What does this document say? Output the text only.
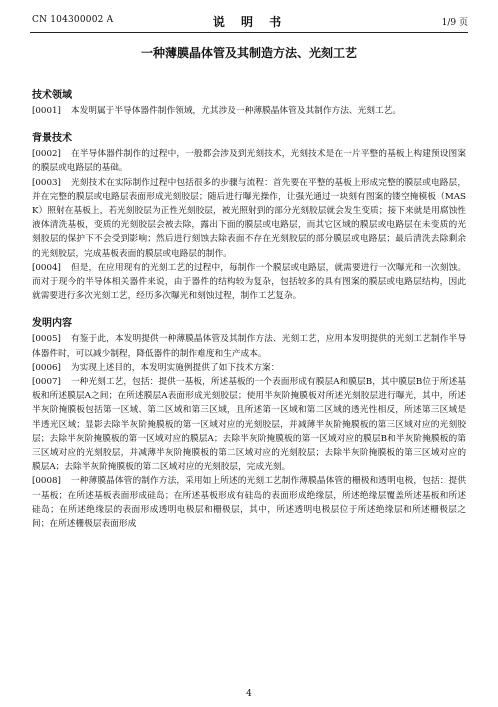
CN 104300002 A	说 明 书	1/9 页
一种薄膜晶体管及其制造方法、光刻工艺
技术领域

[0001] 本发明属于半导体器件制作领域，尤其涉及一种薄膜晶体管及其制作方法、光刻工艺。

背景技术

[0002] 在半导体器件制作的过程中，一般都会涉及到光刻技术，光刻技术是在一片平整的基板上构建预设图案的膜层或电路层的基础。

[0003] 光刻技术在实际制作过程中包括很多的步骤与流程：首先要在平整的基板上形成完整的膜层或电路层，并在完整的膜层或电路层表面形成光刻胶层；随后进行曝光操作，让强光通过一块刻有图案的镂空掩模板（MASK）照射在基板上，若光刻胶层为正性光刻胶层，被光照射到的部分光刻胶层就会发生变质；接下来就是用腐蚀性液体清洗基板，变质的光刻胶层会被去除，露出下面的膜层或电路层，而其它区域的膜层或电路层在未变质的光刻胶层的保护下不会受到影响；然后进行刻蚀去除表面不存在光刻胶层的部分膜层或电路层；最后清洗去除剩余的光刻胶层，完成基板表面的膜层或电路层的制作。

[0004] 但是，在应用现有的光刻工艺的过程中，每制作一个膜层或电路层，就需要进行一次曝光和一次刻蚀。而对于现今的半导体相关器件来说，由于器件的结构较为复杂，包括较多的具有图案的膜层或电路层结构，因此就需要进行多次光刻工艺，经历多次曝光和刻蚀过程，制作工艺复杂。

发明内容

[0005] 有鉴于此，本发明提供一种薄膜晶体管及其制作方法、光刻工艺，应用本发明提供的光刻工艺制作半导体器件时，可以减少制程，降低器件的制作难度和生产成本。

[0006] 为实现上述目的，本发明实施例提供了如下技术方案：

[0007] 一种光刻工艺，包括：提供一基板，所述基板的一个表面形成有膜层A和膜层B，其中膜层B位于所述基板和所述膜层A之间；在所述膜层A表面形成光刻胶层；使用半灰阶掩膜板对所述光刻胶层进行曝光，其中，所述半灰阶掩膜板包括第一区域、第二区域和第三区域，且所述第一区域和第二区域的透光性相反，所述第三区域是半透光区域；显影去除半灰阶掩膜板的第一区域对应的光刻胶层，并减薄半灰阶掩膜板的第三区域对应的光刻胶层；去除半灰阶掩膜板的第一区域对应的膜层A；去除半灰阶掩膜板的第一区域对应的膜层B和半灰阶掩膜板的第三区域对应的光刻胶层，并减薄半灰阶掩膜板的第二区域对应的光刻胶层；去除半灰阶掩膜板的第三区域对应的膜层A；去除半灰阶掩膜板的第二区域对应的光刻胶层，完成光刻。

[0008] 一种薄膜晶体管的制作方法，采用如上所述的光刻工艺制作薄膜晶体管的栅极和透明电极，包括：提供一基板；在所述基板表面形成硅岛；在所述基板形成有硅岛的表面形成绝缘层，所述绝缘层覆盖所述基板和所述硅岛；在所述绝缘层的表面形成透明电极层和栅极层，其中，所述透明电极层位于所述绝缘层和所述栅极层之间；在所述栅极层表面形成

4
